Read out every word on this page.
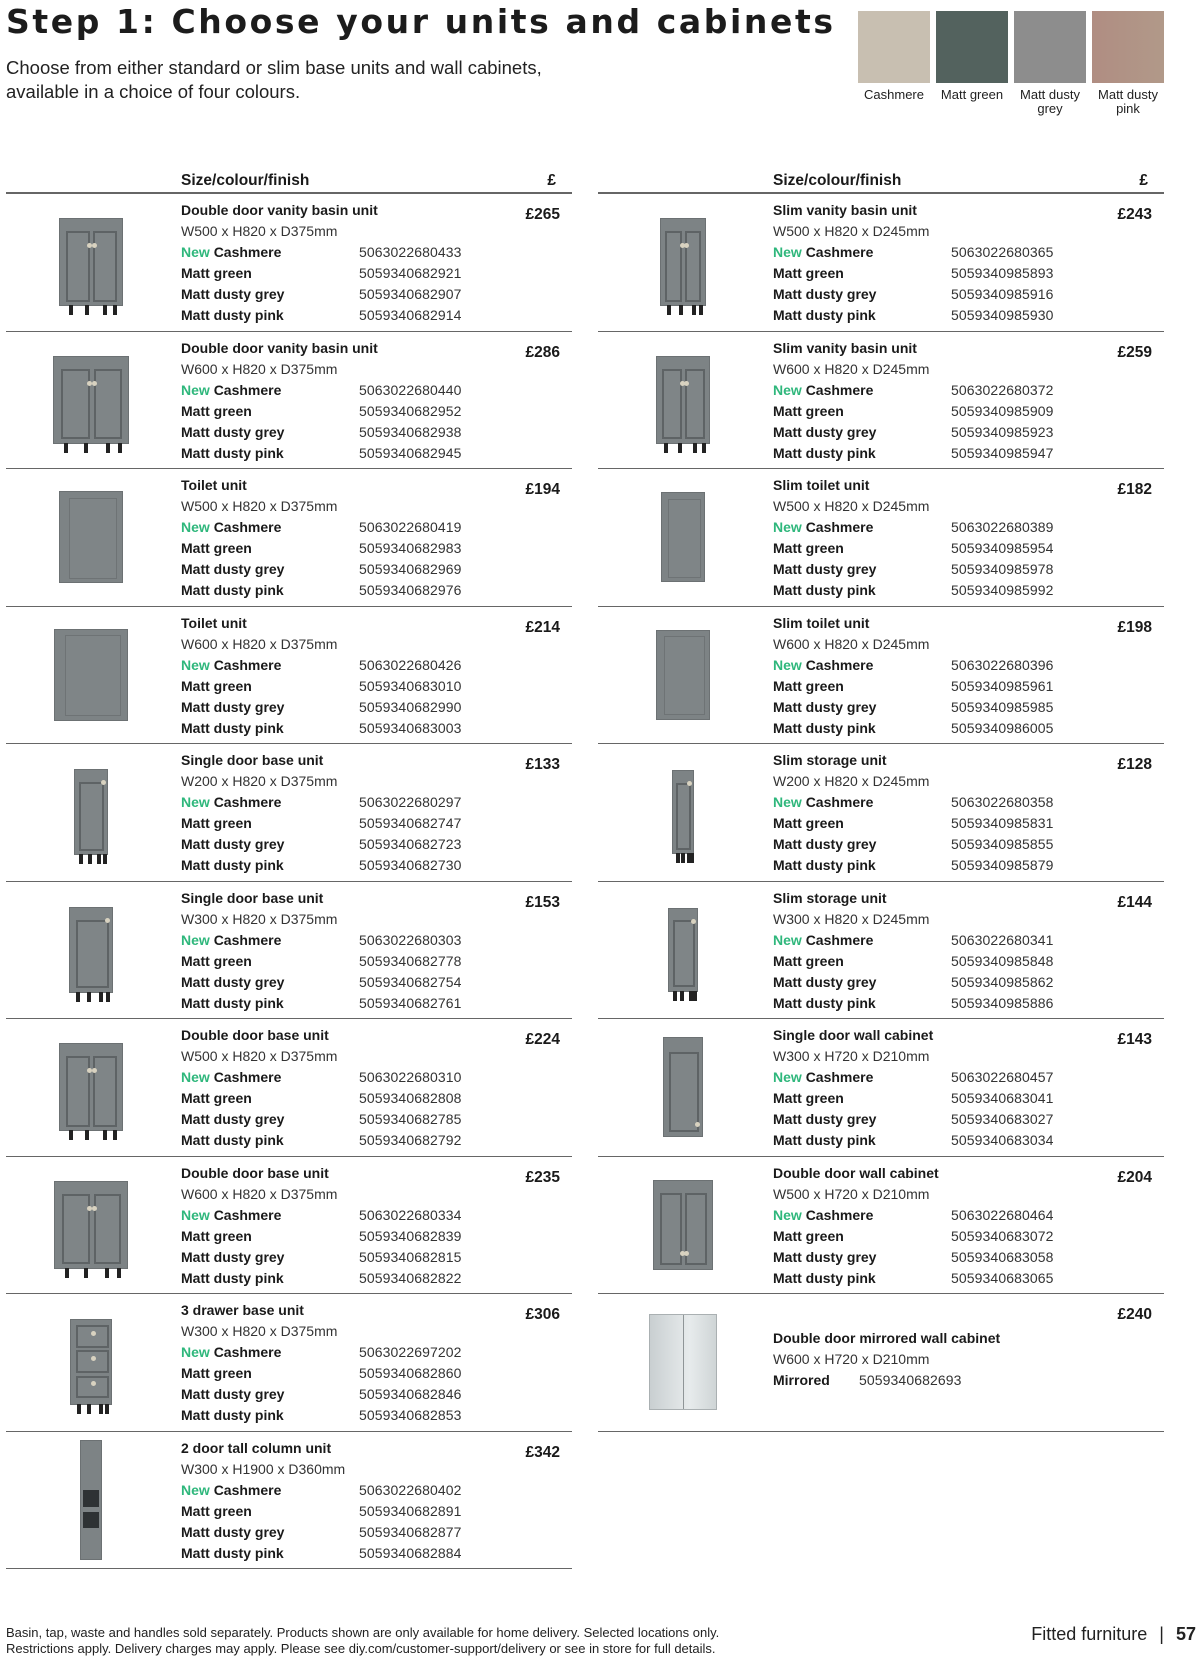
Step 1: Choose your units and cabinets
Choose from either standard or slim base units and wall cabinets,
available in a choice of four colours.	Cashmere	Matt green	Matt dusty grey
Matt dusty pink
Size/colour/finish	£
Double door vanity basin unit
W500 x H820 x D375mm
New Cashmere	5063022680433
Matt green	5059340682921
Matt dusty grey	5059340682907
Matt dusty pink	5059340682914
£265
Double door vanity basin unit
W600 x H820 x D375mm
New Cashmere	5063022680440
Matt green	5059340682952
Matt dusty grey	5059340682938
Matt dusty pink	5059340682945
£286
Toilet unit
W500 x H820 x D375mm
New Cashmere	5063022680419
Matt green	5059340682983
Matt dusty grey	5059340682969
Matt dusty pink	5059340682976
£194
Toilet unit
W600 x H820 x D375mm
New Cashmere	5063022680426
Matt green	5059340683010
Matt dusty grey	5059340682990
Matt dusty pink	5059340683003
£214
Single door base unit
W200 x H820 x D375mm
New Cashmere	5063022680297
Matt green	5059340682747
Matt dusty grey	5059340682723
Matt dusty pink	5059340682730
£133
Single door base unit
W300 x H820 x D375mm
New Cashmere	5063022680303
Matt green	5059340682778
Matt dusty grey	5059340682754
Matt dusty pink	5059340682761
£153
Double door base unit
W500 x H820 x D375mm
New Cashmere	5063022680310
Matt green	5059340682808
Matt dusty grey	5059340682785
Matt dusty pink	5059340682792
£224
Double door base unit
W600 x H820 x D375mm
New Cashmere	5063022680334
Matt green	5059340682839
Matt dusty grey	5059340682815
Matt dusty pink	5059340682822
£235
3 drawer base unit
W300 x H820 x D375mm
New Cashmere	5063022697202
Matt green	5059340682860
Matt dusty grey	5059340682846
Matt dusty pink	5059340682853
£306
2 door tall column unit
W300 x H1900 x D360mm
New Cashmere	5063022680402
Matt green	5059340682891
Matt dusty grey	5059340682877
Matt dusty pink	5059340682884
£342
Size/colour/finish	£
Slim vanity basin unit
W500 x H820 x D245mm
New Cashmere	5063022680365
Matt green	5059340985893
Matt dusty grey	5059340985916
Matt dusty pink	5059340985930
£243
Slim vanity basin unit
W600 x H820 x D245mm
New Cashmere	5063022680372
Matt green	5059340985909
Matt dusty grey	5059340985923
Matt dusty pink	5059340985947
£259
Slim toilet unit
W500 x H820 x D245mm
New Cashmere	5063022680389
Matt green	5059340985954
Matt dusty grey	5059340985978
Matt dusty pink	5059340985992
£182
Slim toilet unit
W600 x H820 x D245mm
New Cashmere	5063022680396
Matt green	5059340985961
Matt dusty grey	5059340985985
Matt dusty pink	5059340986005
£198
Slim storage unit
W200 x H820 x D245mm
New Cashmere	5063022680358
Matt green	5059340985831
Matt dusty grey	5059340985855
Matt dusty pink	5059340985879
£128
Slim storage unit
W300 x H820 x D245mm
New Cashmere	5063022680341
Matt green	5059340985848
Matt dusty grey	5059340985862
Matt dusty pink	5059340985886
£144
Single door wall cabinet
W300 x H720 x D210mm
New Cashmere	5063022680457
Matt green	5059340683041
Matt dusty grey	5059340683027
Matt dusty pink	5059340683034
£143
Double door wall cabinet
W500 x H720 x D210mm
New Cashmere	5063022680464
Matt green	5059340683072
Matt dusty grey	5059340683058
Matt dusty pink	5059340683065
£204
Double door mirrored wall cabinet
W600 x H720 x D210mm
Mirrored	5059340682693
£240
Basin, tap, waste and handles sold separately. Products shown are only available for home delivery. Selected locations only.
Restrictions apply. Delivery charges may apply. Please see diy.com/customer-support/delivery or see in store for full details.
Fitted furniture | 57
